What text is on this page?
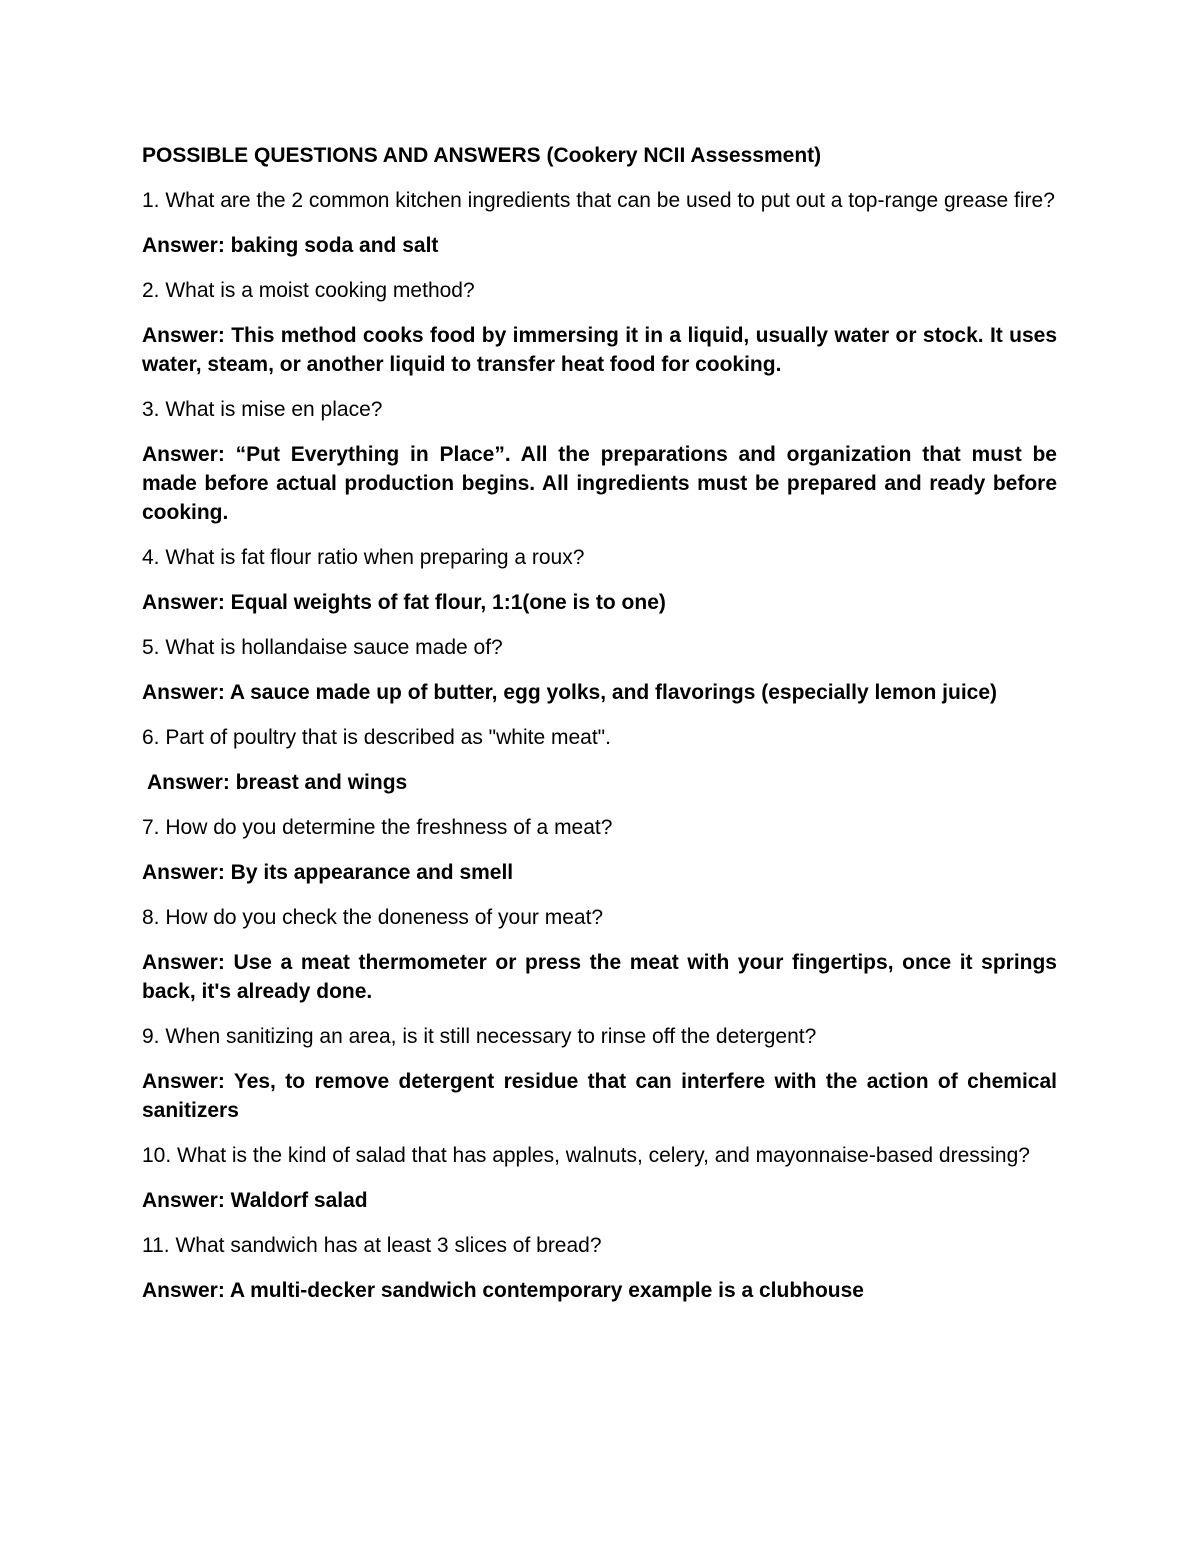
POSSIBLE QUESTIONS AND ANSWERS (Cookery NCII Assessment)

1. What are the 2 common kitchen ingredients that can be used to put out a top-range grease fire?

Answer: baking soda and salt

2. What is a moist cooking method?

Answer: This method cooks food by immersing it in a liquid, usually water or stock. It uses water, steam, or another liquid to transfer heat food for cooking.

3. What is mise en place?

Answer: “Put Everything in Place”. All the preparations and organization that must be made before actual production begins. All ingredients must be prepared and ready before cooking.

4. What is fat flour ratio when preparing a roux?

Answer: Equal weights of fat flour, 1:1(one is to one)

5. What is hollandaise sauce made of?

Answer: A sauce made up of butter, egg yolks, and flavorings (especially lemon juice)

6. Part of poultry that is described as "white meat".

Answer: breast and wings

7. How do you determine the freshness of a meat?

Answer: By its appearance and smell

8. How do you check the doneness of your meat?

Answer: Use a meat thermometer or press the meat with your fingertips, once it springs back, it's already done.

9. When sanitizing an area, is it still necessary to rinse off the detergent?

Answer: Yes, to remove detergent residue that can interfere with the action of chemical sanitizers

10. What is the kind of salad that has apples, walnuts, celery, and mayonnaise-based dressing?

Answer: Waldorf salad

11. What sandwich has at least 3 slices of bread?

Answer: A multi-decker sandwich contemporary example is a clubhouse
